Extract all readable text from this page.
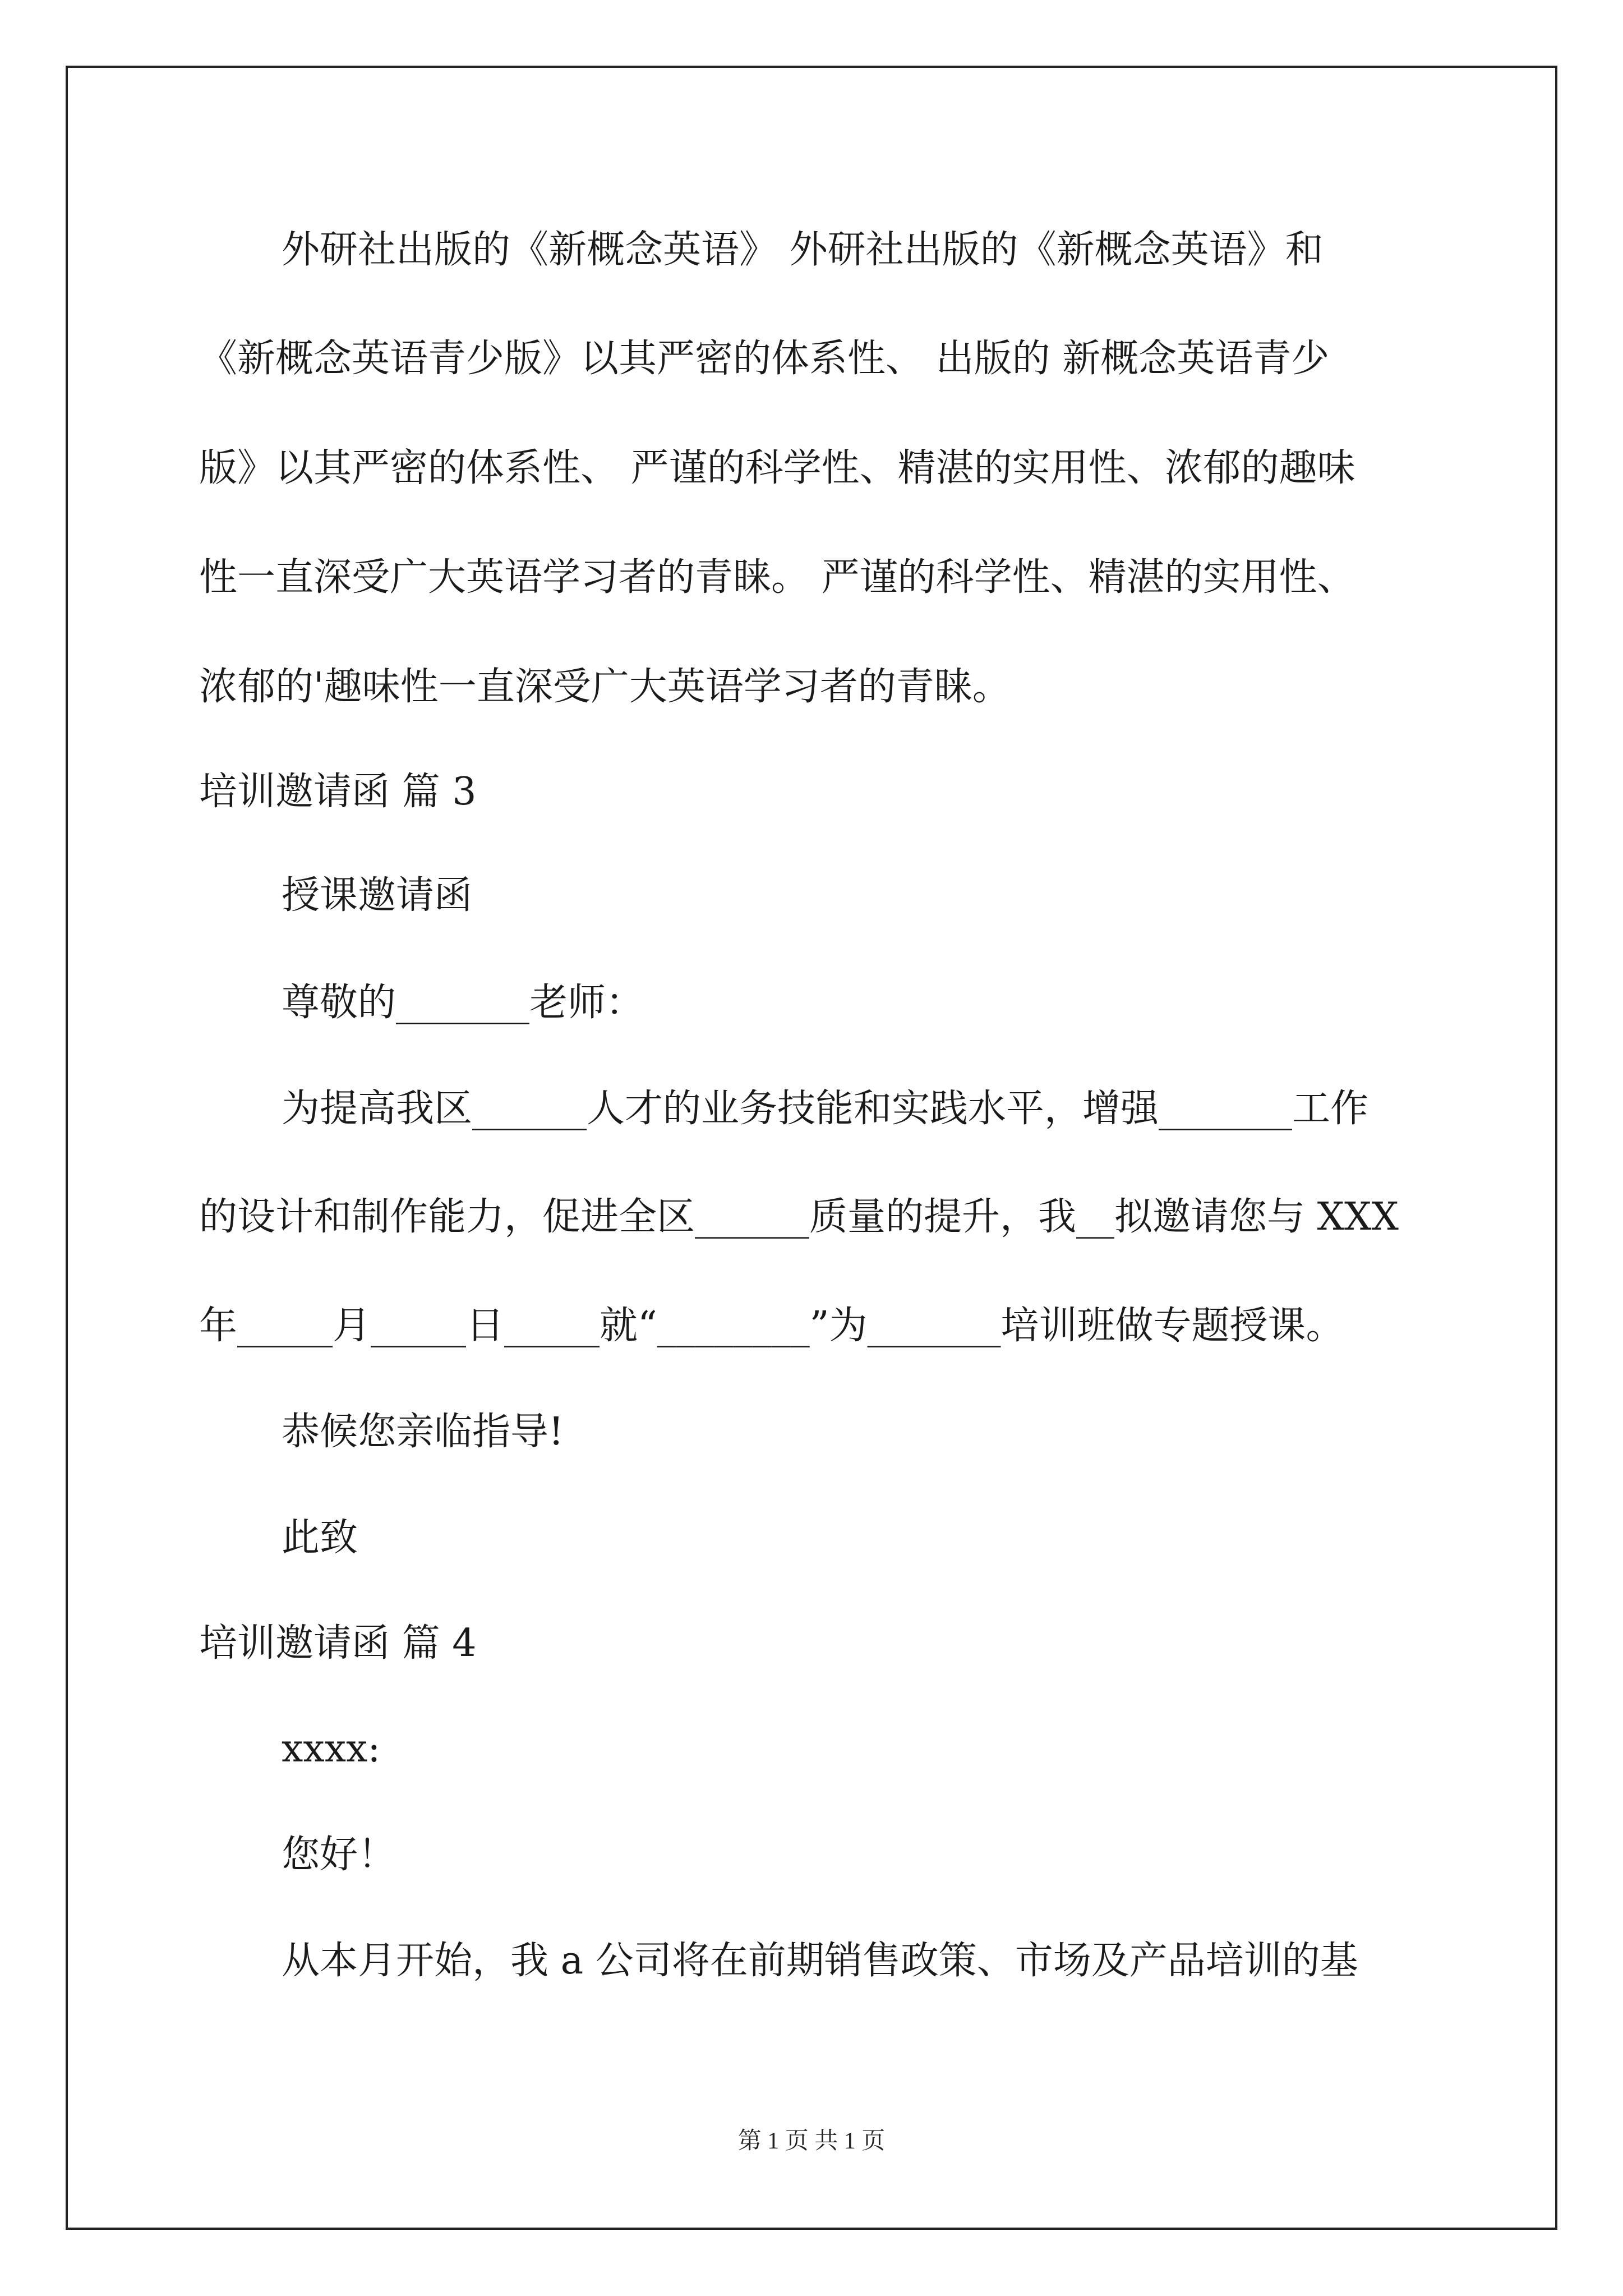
外研社出版的《新概念英语》 外研社出版的《新概念英语》和
《新概念英语青少版》以其严密的体系性、 出版的 新概念英语青少
版》以其严密的体系性、 严谨的科学性、精湛的实用性、浓郁的趣味
性一直深受广大英语学习者的青睐。 严谨的科学性、精湛的实用性、
浓郁的'趣味性一直深受广大英语学习者的青睐。
培训邀请函 篇 3
授课邀请函
尊敬的_______老师：
为提高我区______人才的业务技能和实践水平，增强_______工作
的设计和制作能力，促进全区______质量的提升，我__拟邀请您与 XXX
年_____月_____日_____就“________”为_______培训班做专题授课。
恭候您亲临指导!
此致
培训邀请函 篇 4
xxxx:
您好！
从本月开始，我 a 公司将在前期销售政策、市场及产品培训的基
第 1 页 共 1 页
